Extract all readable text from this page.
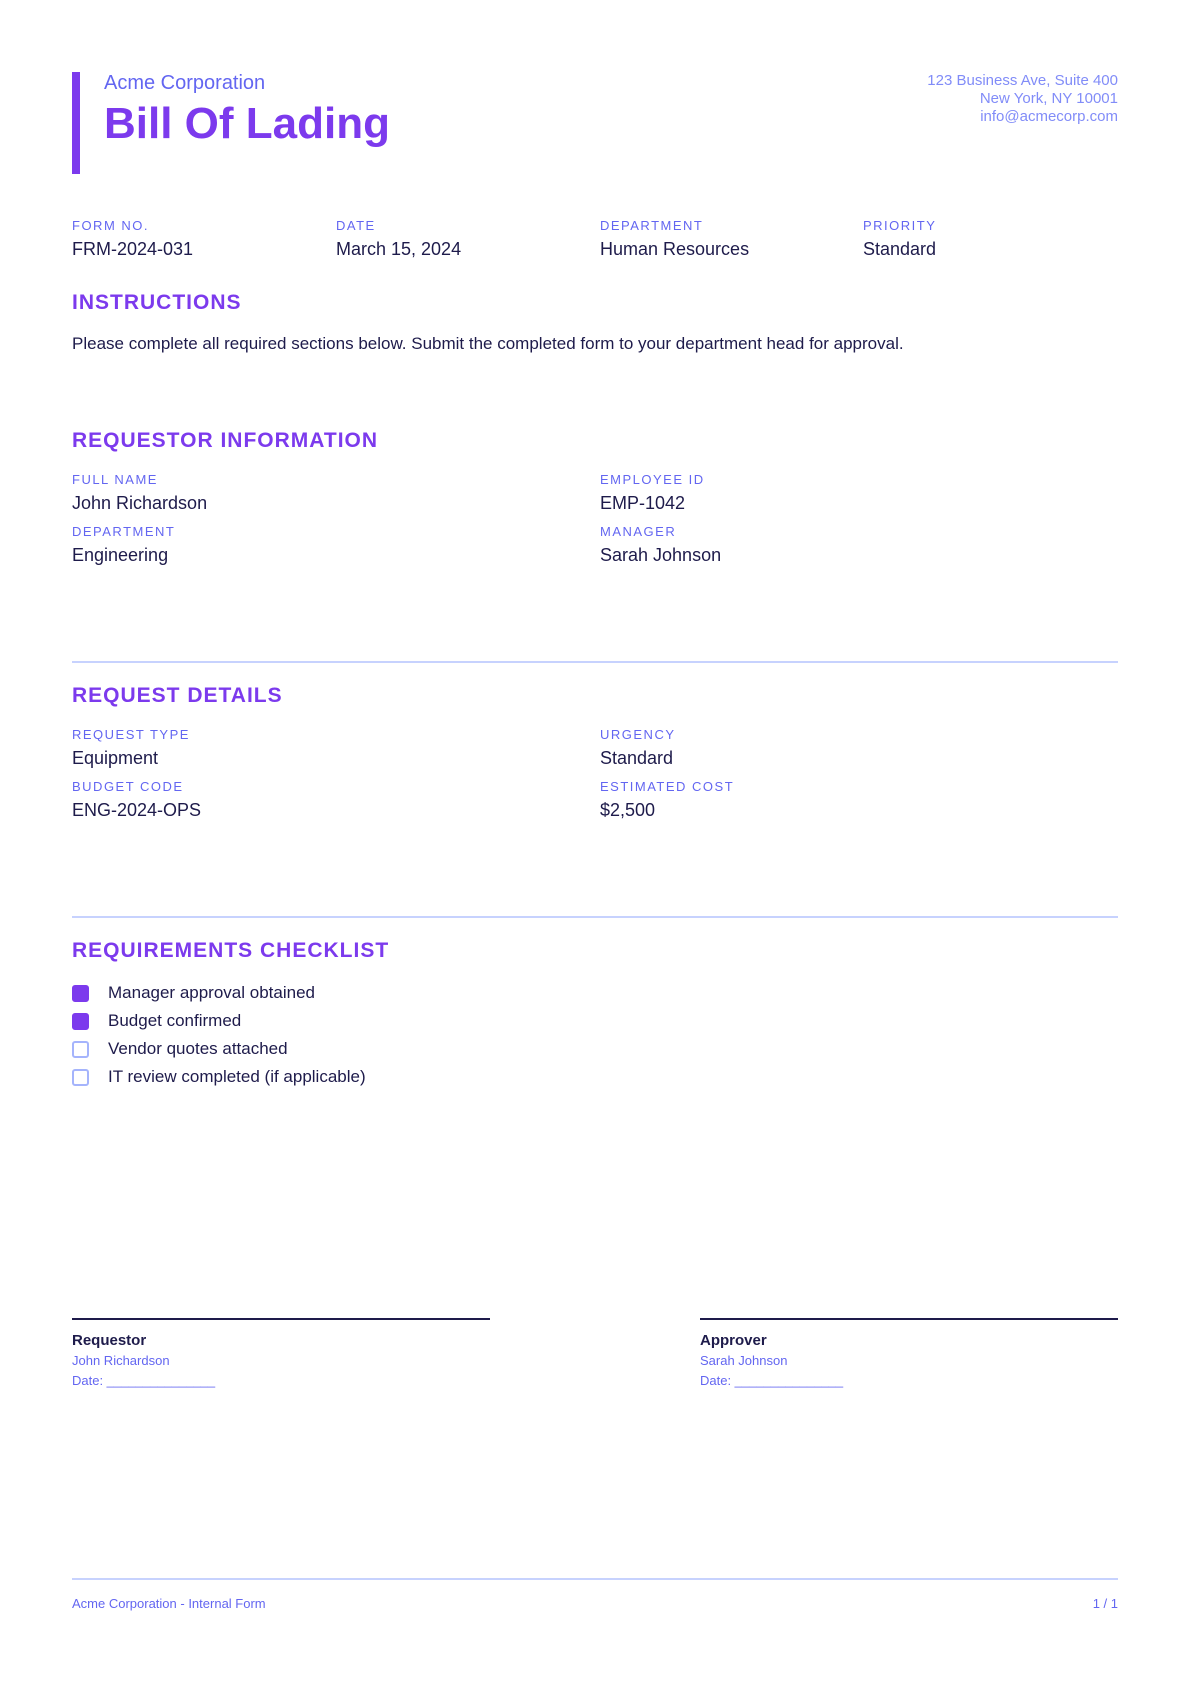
Acme Corporation
Bill Of Lading
123 Business Ave, Suite 400
New York, NY 10001
info@acmecorp.com
FORM NO.
FRM-2024-031
DATE
March 15, 2024
DEPARTMENT
Human Resources
PRIORITY
Standard
INSTRUCTIONS
Please complete all required sections below. Submit the completed form to your department head for approval.
REQUESTOR INFORMATION
FULL NAME
John Richardson
EMPLOYEE ID
EMP-1042
DEPARTMENT
Engineering
MANAGER
Sarah Johnson
REQUEST DETAILS
REQUEST TYPE
Equipment
URGENCY
Standard
BUDGET CODE
ENG-2024-OPS
ESTIMATED COST
$2,500
REQUIREMENTS CHECKLIST
Manager approval obtained
Budget confirmed
Vendor quotes attached
IT review completed (if applicable)
Requestor
John Richardson
Date: _______________
Approver
Sarah Johnson
Date: _______________
Acme Corporation - Internal Form	1 / 1
